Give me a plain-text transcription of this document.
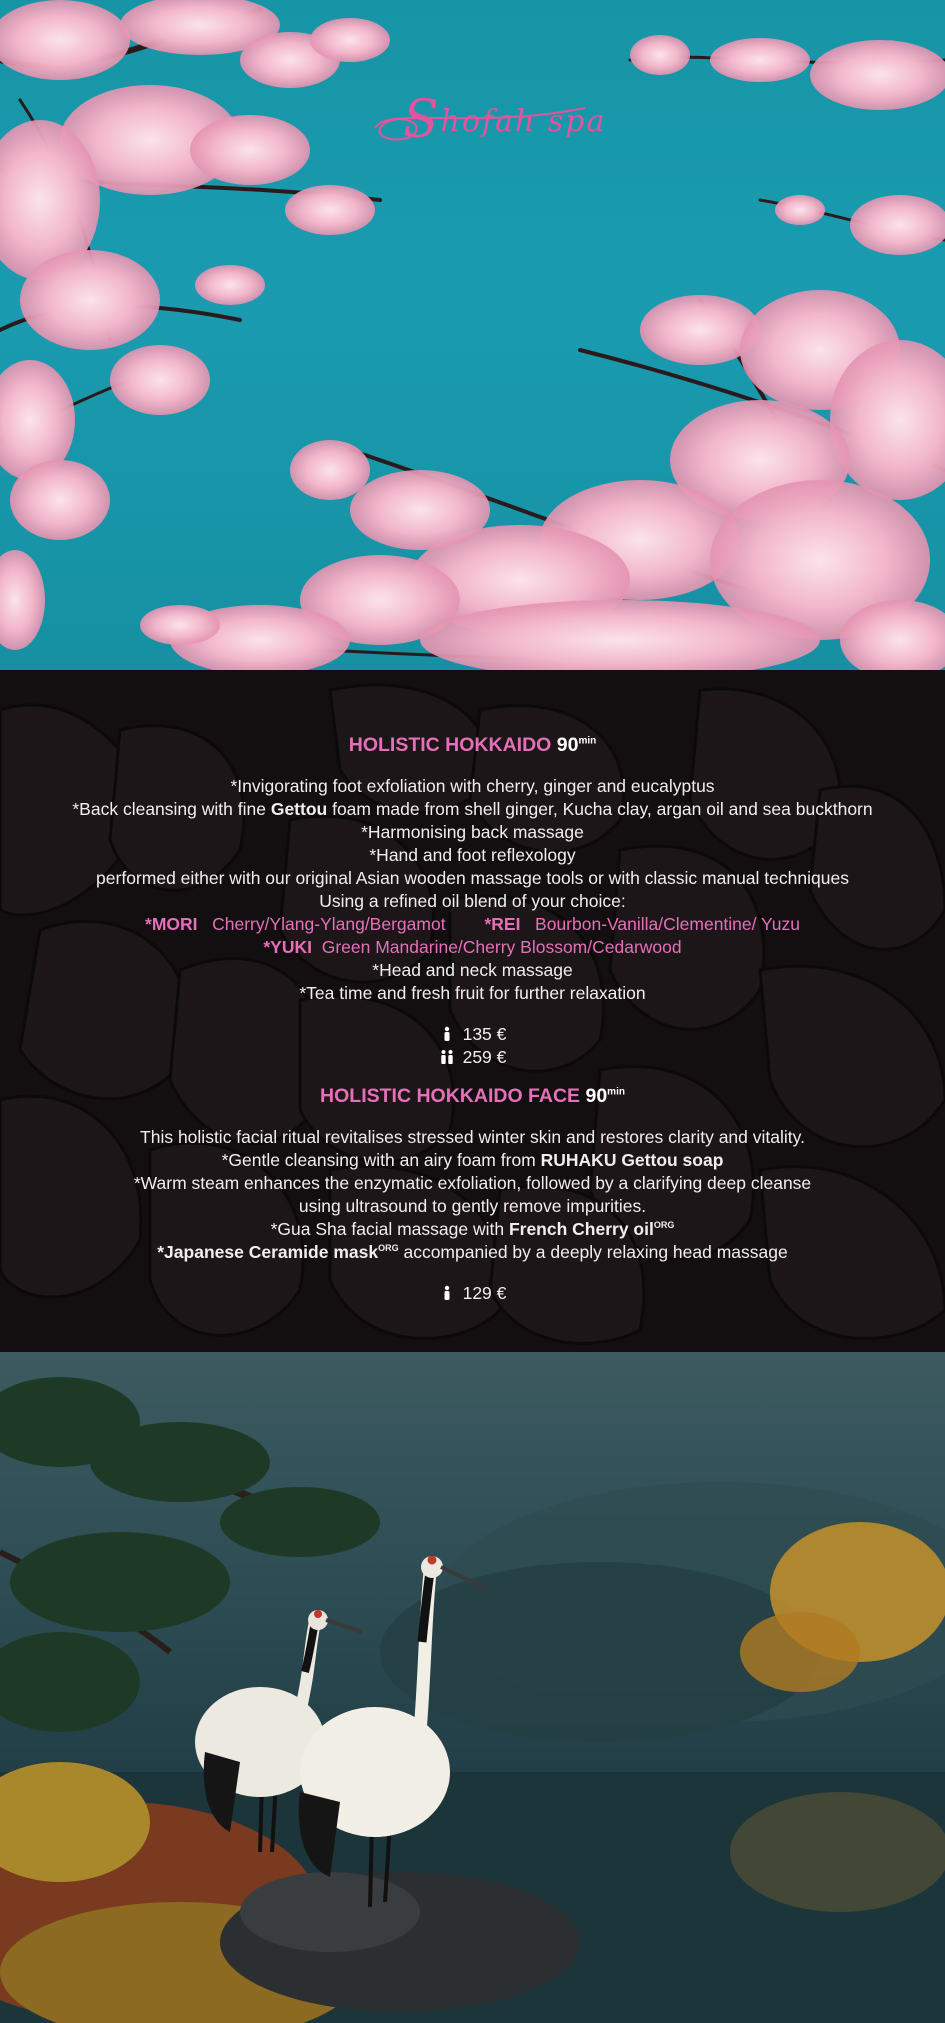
Shofah spa
HOLISTIC HOKKAIDO $90^{min}$
*Invigorating foot exfoliation with cherry, ginger and eucalyptus
*Back cleansing with fine Gettou foam made from shell ginger, Kucha clay, argan oil and sea buckthorn
*Harmonising back massage
*Hand and foot reflexology
performed either with our original Asian wooden massage tools or with classic manual techniques
Using a refined oil blend of your choice:
*MORI Cherry/Ylang-Ylang/Bergamot *REI Bourbon-Vanilla/Clementine/ Yuzu
*YUKI Green Mandarine/Cherry Blossom/Cedarwood
*Head and neck massage
*Tea time and fresh fruit for further relaxation
135 €
259 €
HOLISTIC HOKKAIDO FACE $90^{min}$
This holistic facial ritual revitalises stressed winter skin and restores clarity and vitality.
*Gentle cleansing with an airy foam from RUHAKU Gettou soap
*Warm steam enhances the enzymatic exfoliation, followed by a clarifying deep cleanse
using ultrasound to gently remove impurities.
*Gua Sha facial massage with French Cherry oil$^{ORG}$
*Japanese Ceramide mask$^{ORG}$ accompanied by a deeply relaxing head massage
129 €
